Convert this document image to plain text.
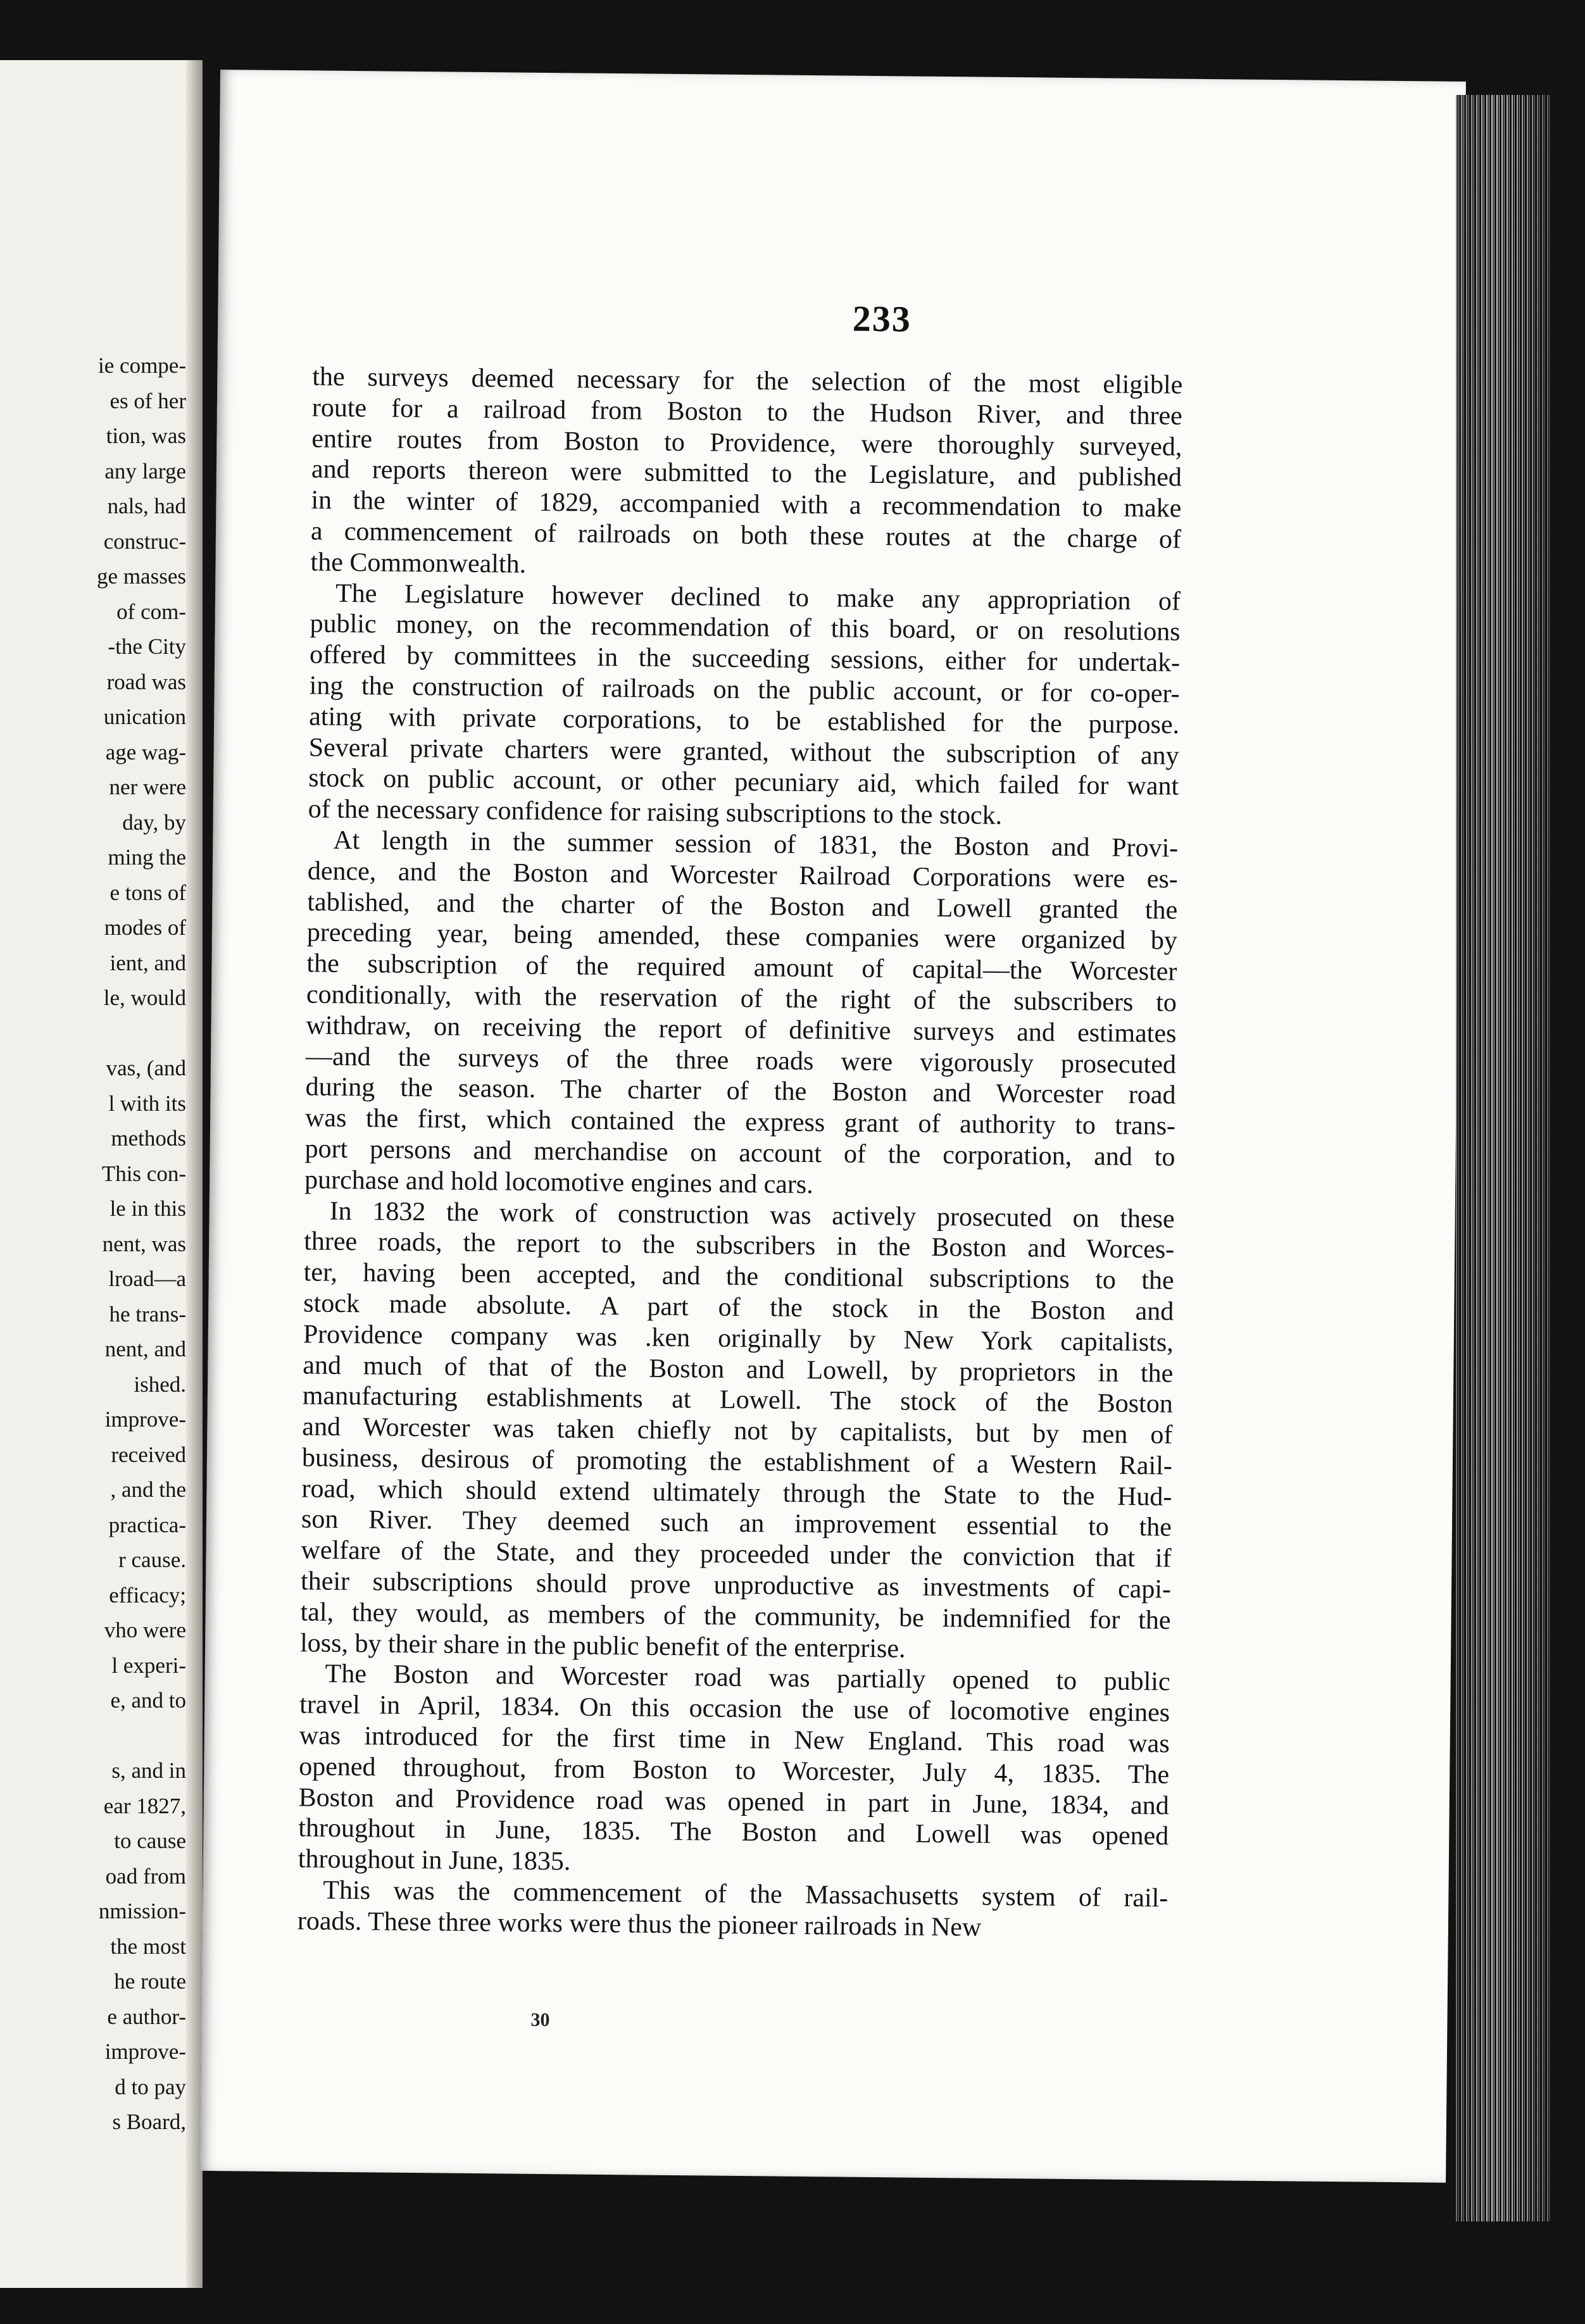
ie compe-
es of her
tion, was
any large
nals, had
construc-
ge masses
of com-
-the City
road was
unication
age wag-
ner were
day, by
ming the
e tons of
modes of
ient, and
le, would
vas, (and
l with its
methods
This con-
le in this
nent, was
lroad—a
he trans-
nent, and
ished.
improve-
received
, and the
practica-
r cause.
efficacy;
vho were
l experi-
e, and to
s, and in
ear 1827,
to cause
oad from
nmission-
the most
he route
e author-
improve-
d to pay
s Board,
233
the surveys deemed necessary for the selection of the most eligible
route for a railroad from Boston to the Hudson River, and three
entire routes from Boston to Providence, were thoroughly surveyed,
and reports thereon were submitted to the Legislature, and published
in the winter of 1829, accompanied with a recommendation to make
a commencement of railroads on both these routes at the charge of
the Commonwealth.
The Legislature however declined to make any appropriation of
public money, on the recommendation of this board, or on resolutions
offered by committees in the succeeding sessions, either for undertak-
ing the construction of railroads on the public account, or for co-oper-
ating with private corporations, to be established for the purpose.
Several private charters were granted, without the subscription of any
stock on public account, or other pecuniary aid, which failed for want
of the necessary confidence for raising subscriptions to the stock.
At length in the summer session of 1831, the Boston and Provi-
dence, and the Boston and Worcester Railroad Corporations were es-
tablished, and the charter of the Boston and Lowell granted the
preceding year, being amended, these companies were organized by
the subscription of the required amount of capital—the Worcester
conditionally, with the reservation of the right of the subscribers to
withdraw, on receiving the report of definitive surveys and estimates
—and the surveys of the three roads were vigorously prosecuted
during the season. The charter of the Boston and Worcester road
was the first, which contained the express grant of authority to trans-
port persons and merchandise on account of the corporation, and to
purchase and hold locomotive engines and cars.
In 1832 the work of construction was actively prosecuted on these
three roads, the report to the subscribers in the Boston and Worces-
ter, having been accepted, and the conditional subscriptions to the
stock made absolute. A part of the stock in the Boston and
Providence company was .ken originally by New York capitalists,
and much of that of the Boston and Lowell, by proprietors in the
manufacturing establishments at Lowell. The stock of the Boston
and Worcester was taken chiefly not by capitalists, but by men of
business, desirous of promoting the establishment of a Western Rail-
road, which should extend ultimately through the State to the Hud-
son River. They deemed such an improvement essential to the
welfare of the State, and they proceeded under the conviction that if
their subscriptions should prove unproductive as investments of capi-
tal, they would, as members of the community, be indemnified for the
loss, by their share in the public benefit of the enterprise.
The Boston and Worcester road was partially opened to public
travel in April, 1834. On this occasion the use of locomotive engines
was introduced for the first time in New England. This road was
opened throughout, from Boston to Worcester, July 4, 1835. The
Boston and Providence road was opened in part in June, 1834, and
throughout in June, 1835. The Boston and Lowell was opened
throughout in June, 1835.
This was the commencement of the Massachusetts system of rail-
roads. These three works were thus the pioneer railroads in New
30
